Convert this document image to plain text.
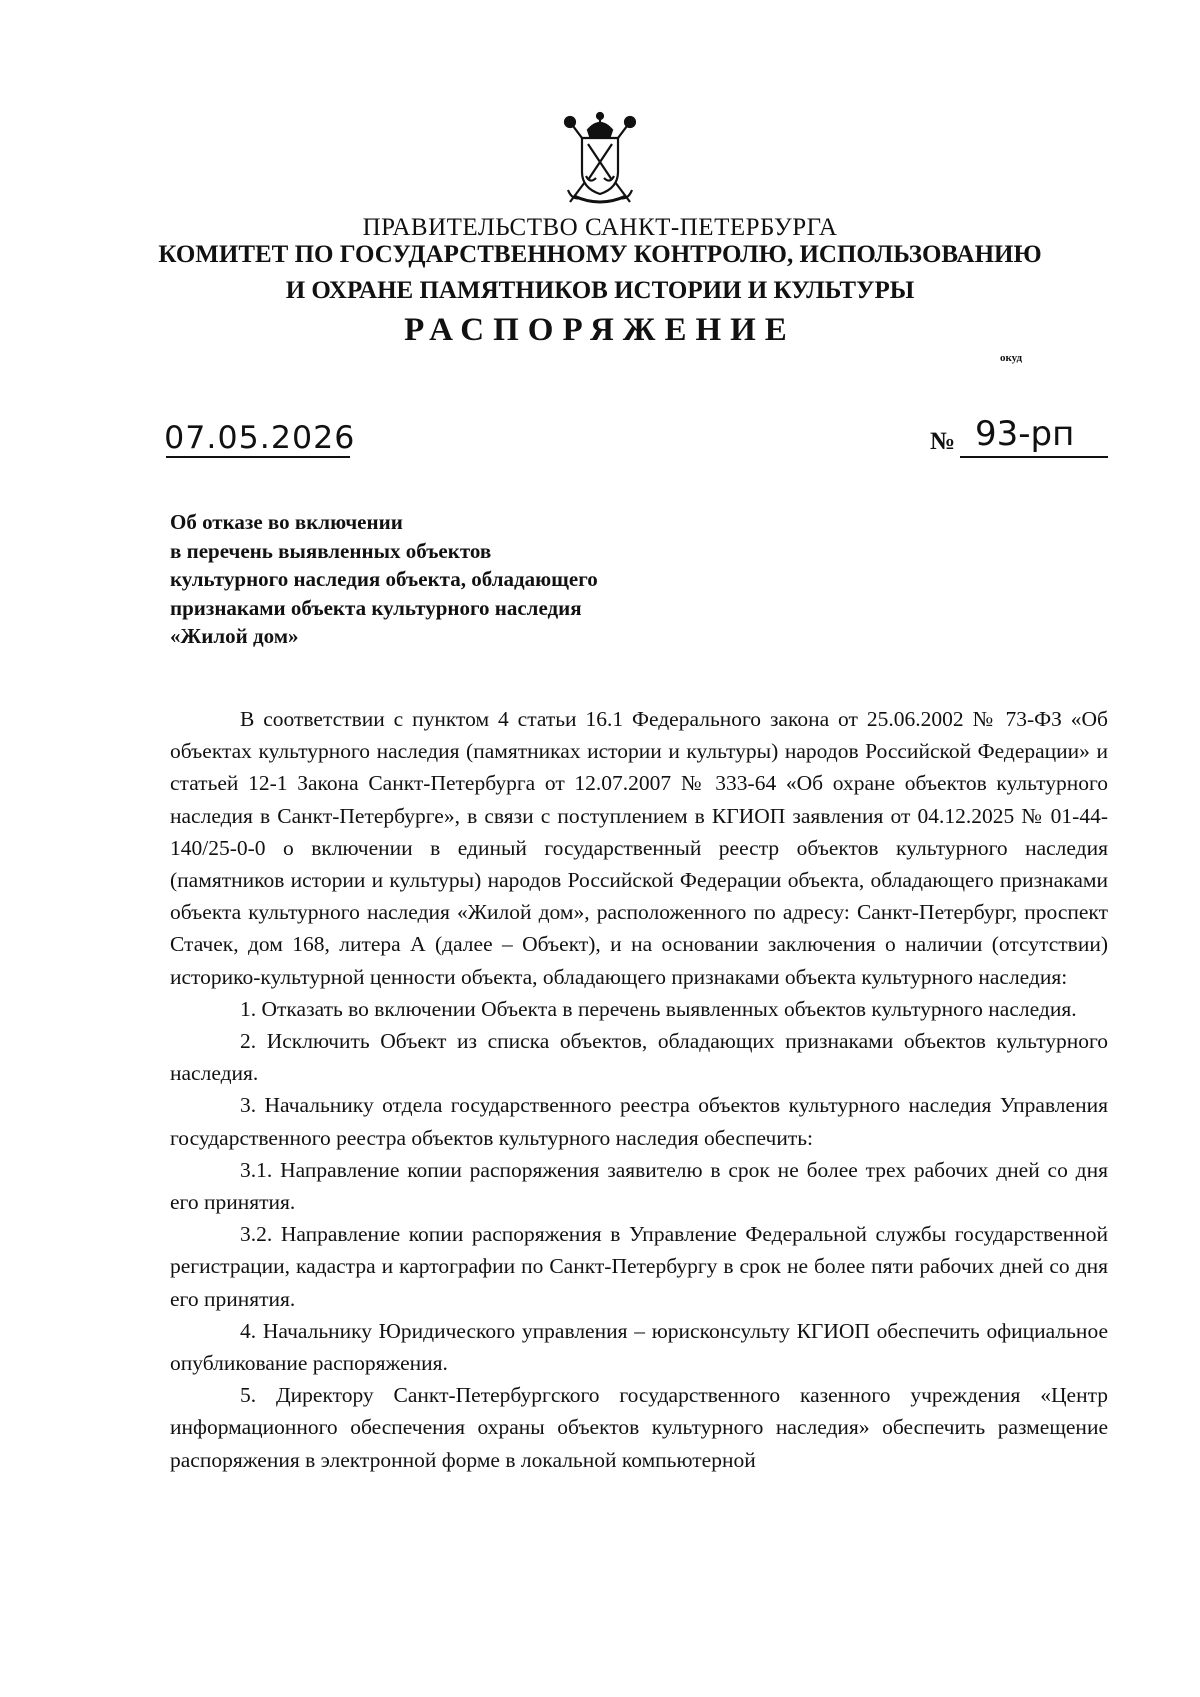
ПРАВИТЕЛЬСТВО САНКТ-ПЕТЕРБУРГА
КОМИТЕТ ПО ГОСУДАРСТВЕННОМУ КОНТРОЛЮ, ИСПОЛЬЗОВАНИЮ
И ОХРАНЕ ПАМЯТНИКОВ ИСТОРИИ И КУЛЬТУРЫ
РАСПОРЯЖЕНИЕ
окуд
07.05.2026	№ 93-рп
Об отказе во включении
в перечень выявленных объектов
культурного наследия объекта, обладающего
признаками объекта культурного наследия
«Жилой дом»

В соответствии с пунктом 4 статьи 16.1 Федерального закона от 25.06.2002 № 73-ФЗ «Об объектах культурного наследия (памятниках истории и культуры) народов Российской Федерации» и статьей 12-1 Закона Санкт-Петербурга от 12.07.2007 № 333-64 «Об охране объектов культурного наследия в Санкт-Петербурге», в связи с поступлением в КГИОП заявления от 04.12.2025 № 01-44-140/25-0-0 о включении в единый государственный реестр объектов культурного наследия (памятников истории и культуры) народов Российской Федерации объекта, обладающего признаками объекта культурного наследия «Жилой дом», расположенного по адресу: Санкт-Петербург, проспект Стачек, дом 168, литера А (далее – Объект), и на основании заключения о наличии (отсутствии) историко-культурной ценности объекта, обладающего признаками объекта культурного наследия:

1. Отказать во включении Объекта в перечень выявленных объектов культурного наследия.

2. Исключить Объект из списка объектов, обладающих признаками объектов культурного наследия.

3. Начальнику отдела государственного реестра объектов культурного наследия Управления государственного реестра объектов культурного наследия обеспечить:

3.1. Направление копии распоряжения заявителю в срок не более трех рабочих дней со дня его принятия.

3.2. Направление копии распоряжения в Управление Федеральной службы государственной регистрации, кадастра и картографии по Санкт-Петербургу в срок не более пяти рабочих дней со дня его принятия.

4. Начальнику Юридического управления – юрисконсульту КГИОП обеспечить официальное опубликование распоряжения.

5. Директору Санкт-Петербургского государственного казенного учреждения «Центр информационного обеспечения охраны объектов культурного наследия» обеспечить размещение распоряжения в электронной форме в локальной компьютерной
